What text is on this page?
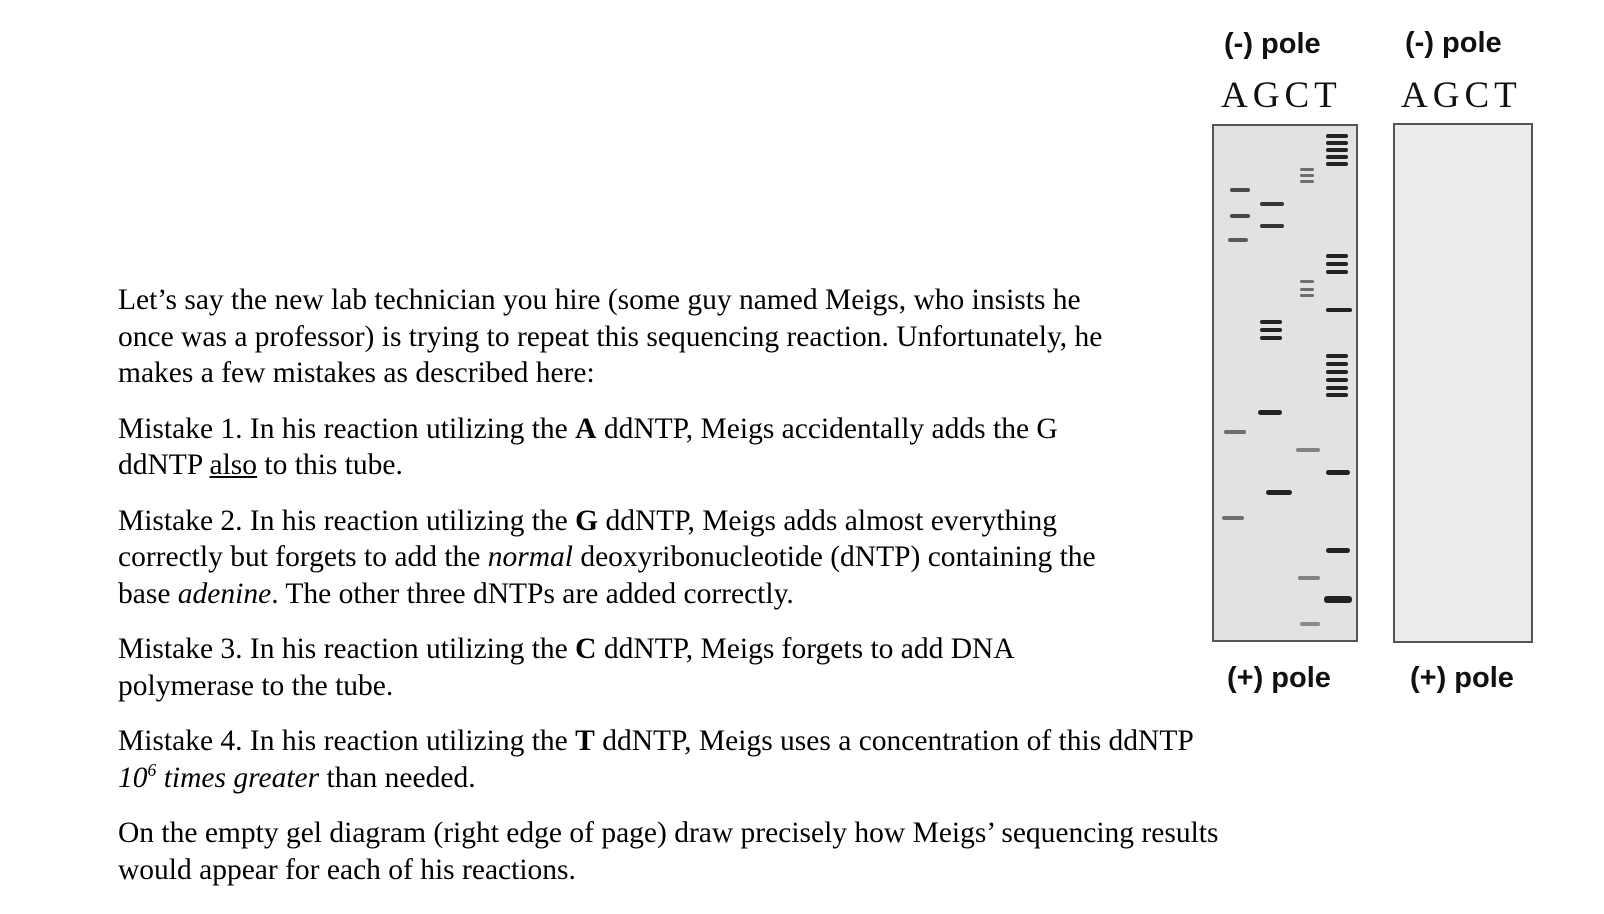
Let’s say the new lab technician you hire (some guy named Meigs, who insists he
once was a professor) is trying to repeat this sequencing reaction. Unfortunately, he
makes a few mistakes as described here:

Mistake 1. In his reaction utilizing the A ddNTP, Meigs accidentally adds the G
ddNTP also to this tube.

Mistake 2. In his reaction utilizing the G ddNTP, Meigs adds almost everything
correctly but forgets to add the normal deoxyribonucleotide (dNTP) containing the
base adenine. The other three dNTPs are added correctly.

Mistake 3. In his reaction utilizing the C ddNTP, Meigs forgets to add DNA
polymerase to the tube.

Mistake 4. In his reaction utilizing the T ddNTP, Meigs uses a concentration of this ddNTP
$10^6$ times greater than needed.

On the empty gel diagram (right edge of page) draw precisely how Meigs’ sequencing results
would appear for each of his reactions.

(-) pole
AGCT
(+) pole
(-) pole
AGCT
(+) pole
